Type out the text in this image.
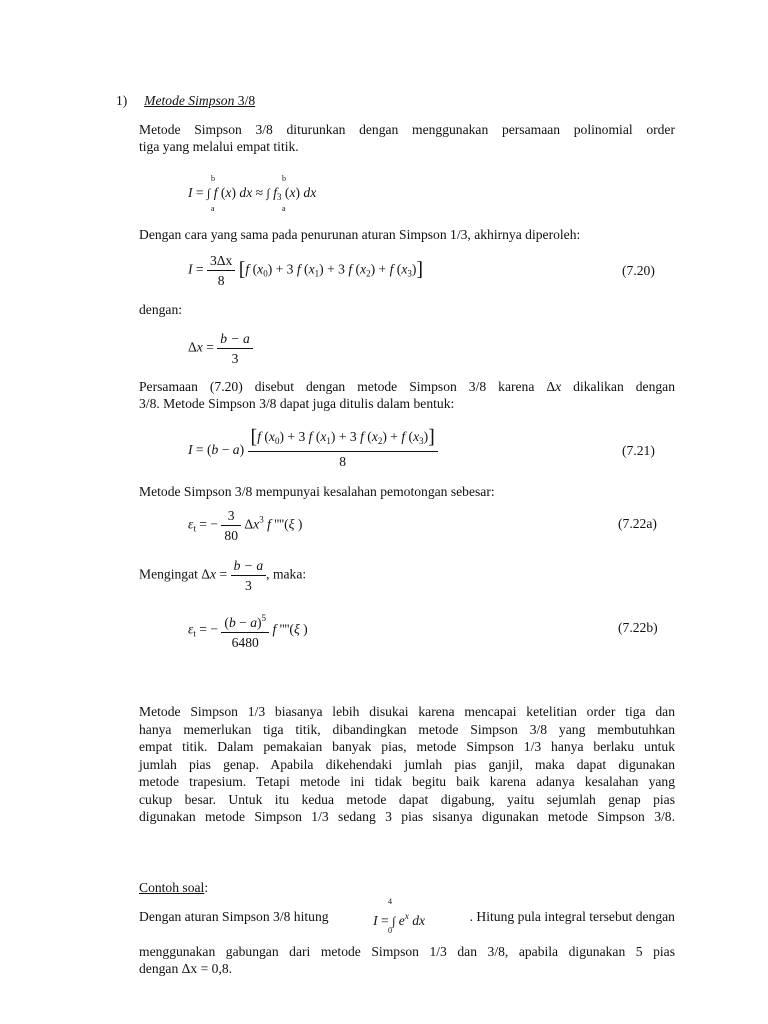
1) Metode Simpson 3/8
Metode Simpson 3/8 diturunkan dengan menggunakan persamaan polinomial order
tiga yang melalui empat titik.
b
a
b
a
I = ∫ f (x) dx ≈ ∫ $f_3$ (x) dx
Dengan cara yang sama pada penurunan aturan Simpson 1/3, akhirnya diperoleh:
$I = \frac{3\Delta x}{8} [f$ $(x_0) + 3$ f $(x_1) + 3$ f $(x_2) + f$ $(x_3)$]	(7.20)
dengan:
$\Delta x = \frac{b - a}{3}$
Persamaan (7.20) disebut dengan metode Simpson 3/8 karena Δx dikalikan dengan
3/8. Metode Simpson 3/8 dapat juga ditulis dalam bentuk:
$I = (b - a) \frac{[f (x_0) + 3 f (x_1) + 3 f (x_2) + f (x_3)]}{8}$	(7.21)
Metode Simpson 3/8 mempunyai kesalahan pemotongan sebesar:
$\varepsilon_t$ = − $\frac{3}{80} \Delta x^3$ f ''''(ξ )	(7.22a)
Mengingat $\Delta x = \frac{b - a}{3}$ , maka:
$\varepsilon_t$ = − $\frac{(b - a)^5}{6480}$ f ''''(ξ )	(7.22b)
Metode Simpson 1/3 biasanya lebih disukai karena mencapai ketelitian order tiga dan
hanya memerlukan tiga titik, dibandingkan metode Simpson 3/8 yang membutuhkan
empat titik. Dalam pemakaian banyak pias, metode Simpson 1/3 hanya berlaku untuk
jumlah pias genap. Apabila dikehendaki jumlah pias ganjil, maka dapat digunakan
metode trapesium. Tetapi metode ini tidak begitu baik karena adanya kesalahan yang
cukup besar. Untuk itu kedua metode dapat digabung, yaitu sejumlah genap pias
digunakan metode Simpson 1/3 sedang 3 pias sisanya digunakan metode Simpson 3/8.
Contoh soal:
4
0
Dengan aturan Simpson 3/8 hitung	I = ∫ $e^x$ dx	. Hitung pula integral tersebut dengan
menggunakan gabungan dari metode Simpson 1/3 dan 3/8, apabila digunakan 5 pias
dengan Δx = 0,8.
